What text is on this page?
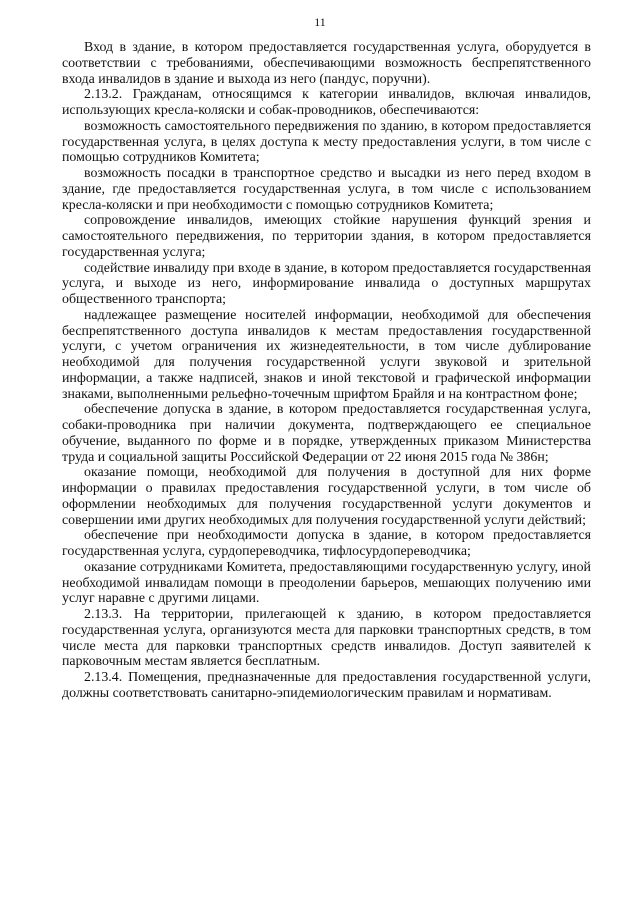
11

Вход в здание, в котором предоставляется государственная услуга, оборудуется в соответствии с требованиями, обеспечивающими возможность беспрепятственного входа инвалидов в здание и выхода из него (пандус, поручни).

2.13.2. Гражданам, относящимся к категории инвалидов, включая инвалидов, использующих кресла-коляски и собак-проводников, обеспечиваются:

возможность самостоятельного передвижения по зданию, в котором предоставляется государственная услуга, в целях доступа к месту предоставления услуги, в том числе с помощью сотрудников Комитета;

возможность посадки в транспортное средство и высадки из него перед входом в здание, где предоставляется государственная услуга, в том числе с использованием кресла-коляски и при необходимости с помощью сотрудников Комитета;

сопровождение инвалидов, имеющих стойкие нарушения функций зрения и самостоятельного передвижения, по территории здания, в котором предоставляется государственная услуга;

содействие инвалиду при входе в здание, в котором предоставляется государственная услуга, и выходе из него, информирование инвалида о доступных маршрутах общественного транспорта;

надлежащее размещение носителей информации, необходимой для обеспечения беспрепятственного доступа инвалидов к местам предоставления государственной услуги, с учетом ограничения их жизнедеятельности, в том числе дублирование необходимой для получения государственной услуги звуковой и зрительной информации, а также надписей, знаков и иной текстовой и графической информации знаками, выполненными рельефно-точечным шрифтом Брайля и на контрастном фоне;

обеспечение допуска в здание, в котором предоставляется государственная услуга, собаки-проводника при наличии документа, подтверждающего ее специальное обучение, выданного по форме и в порядке, утвержденных приказом Министерства труда и социальной защиты Российской Федерации от 22 июня 2015 года № 386н;

оказание помощи, необходимой для получения в доступной для них форме информации о правилах предоставления государственной услуги, в том числе об оформлении необходимых для получения государственной услуги документов и совершении ими других необходимых для получения государственной услуги действий;

обеспечение при необходимости допуска в здание, в котором предоставляется государственная услуга, сурдопереводчика, тифлосурдопереводчика;

оказание сотрудниками Комитета, предоставляющими государственную услугу, иной необходимой инвалидам помощи в преодолении барьеров, мешающих получению ими услуг наравне с другими лицами.

2.13.3. На территории, прилегающей к зданию, в котором предоставляется государственная услуга, организуются места для парковки транспортных средств, в том числе места для парковки транспортных средств инвалидов. Доступ заявителей к парковочным местам является бесплатным.

2.13.4. Помещения, предназначенные для предоставления государственной услуги, должны соответствовать санитарно-эпидемиологическим правилам и нормативам.
